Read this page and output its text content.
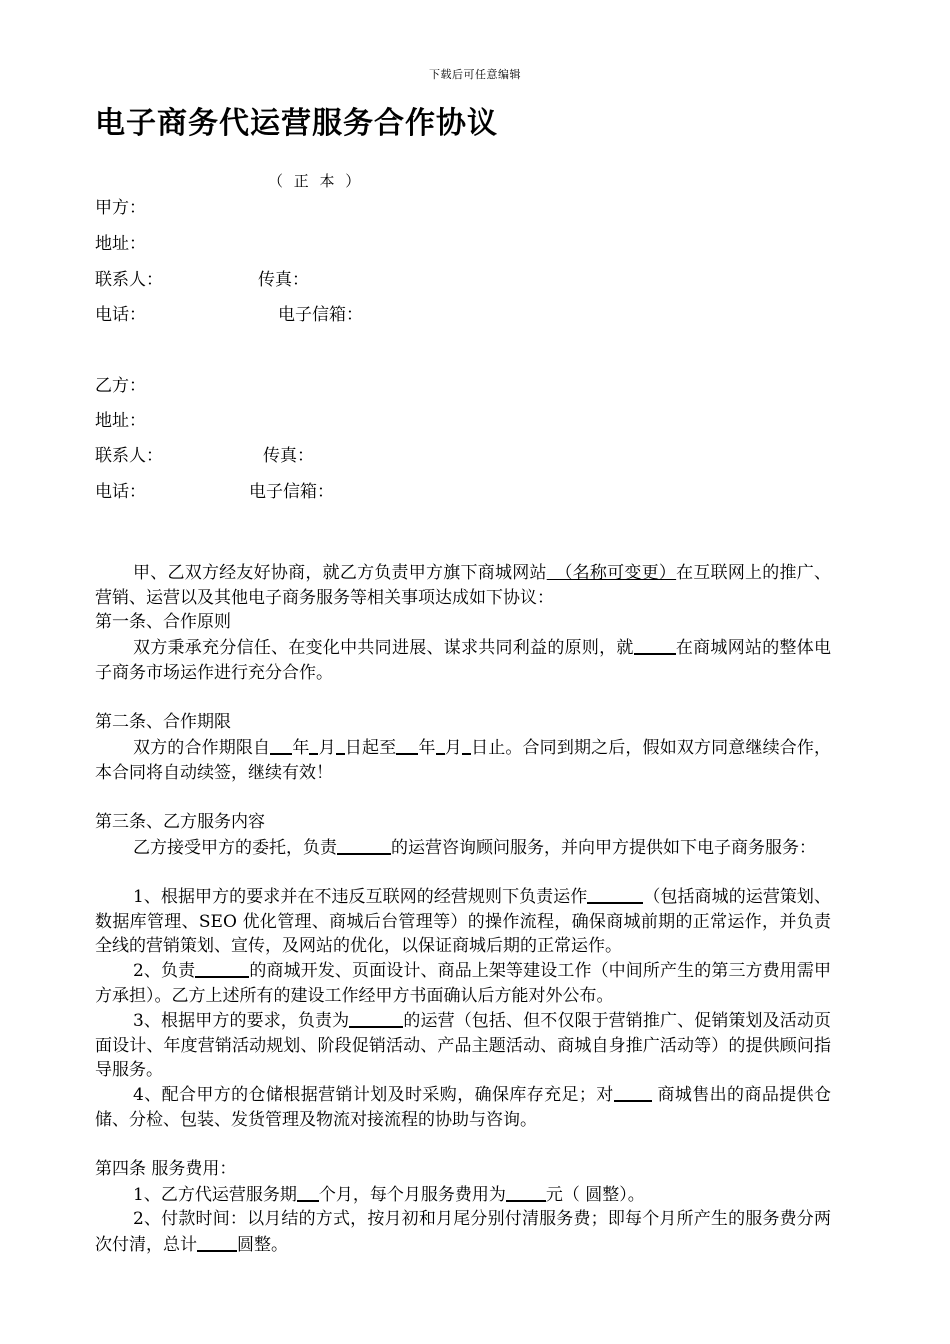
下载后可任意编辑
电子商务代运营服务合作协议
（ 正 本 ）
甲方：
地址：
联系人：	传真：
电话：	电子信箱：
乙方：
地址：
联系人：	传真：
电话：	电子信箱：
甲、乙双方经友好协商，就乙方负责甲方旗下商城网站　（名称可变更）在互联网上的推广、营销、运营以及其他电子商务服务等相关事项达成如下协议：
第一条、合作原则
双方秉承充分信任、在变化中共同进展、谋求共同利益的原则，就 在商城网站的整体电子商务市场运作进行充分合作。
第二条、合作期限
双方的合作期限自 年 月 日起至 年 月 日止。合同到期之后，假如双方同意继续合作，本合同将自动续签，继续有效！
第三条、乙方服务内容
乙方接受甲方的委托，负责	的运营咨询顾问服务，并向甲方提供如下电子商务服务：
1、根据甲方的要求并在不违反互联网的经营规则下负责运作	（包括商城的运营策划、数据库管理、SEO 优化管理、商城后台管理等）的操作流程，确保商城前期的正常运作，并负责全线的营销策划、宣传，及网站的优化，以保证商城后期的正常运作。
2、负责	的商城开发、页面设计、商品上架等建设工作（中间所产生的第三方费用需甲方承担）。乙方上述所有的建设工作经甲方书面确认后方能对外公布。
3、根据甲方的要求，负责为	的运营（包括、但不仅限于营销推广、促销策划及活动页面设计、年度营销活动规划、阶段促销活动、产品主题活动、商城自身推广活动等）的提供顾问指导服务。
4、配合甲方的仓储根据营销计划及时采购，确保库存充足；对	商城售出的商品提供仓储、分检、包装、发货管理及物流对接流程的协助与咨询。
第四条 服务费用：
1、乙方代运营服务期 个月，每个月服务费用为 元（ 圆整）。
2、付款时间：以月结的方式，按月初和月尾分别付清服务费；即每个月所产生的服务费分两次付清，总计 圆整。
